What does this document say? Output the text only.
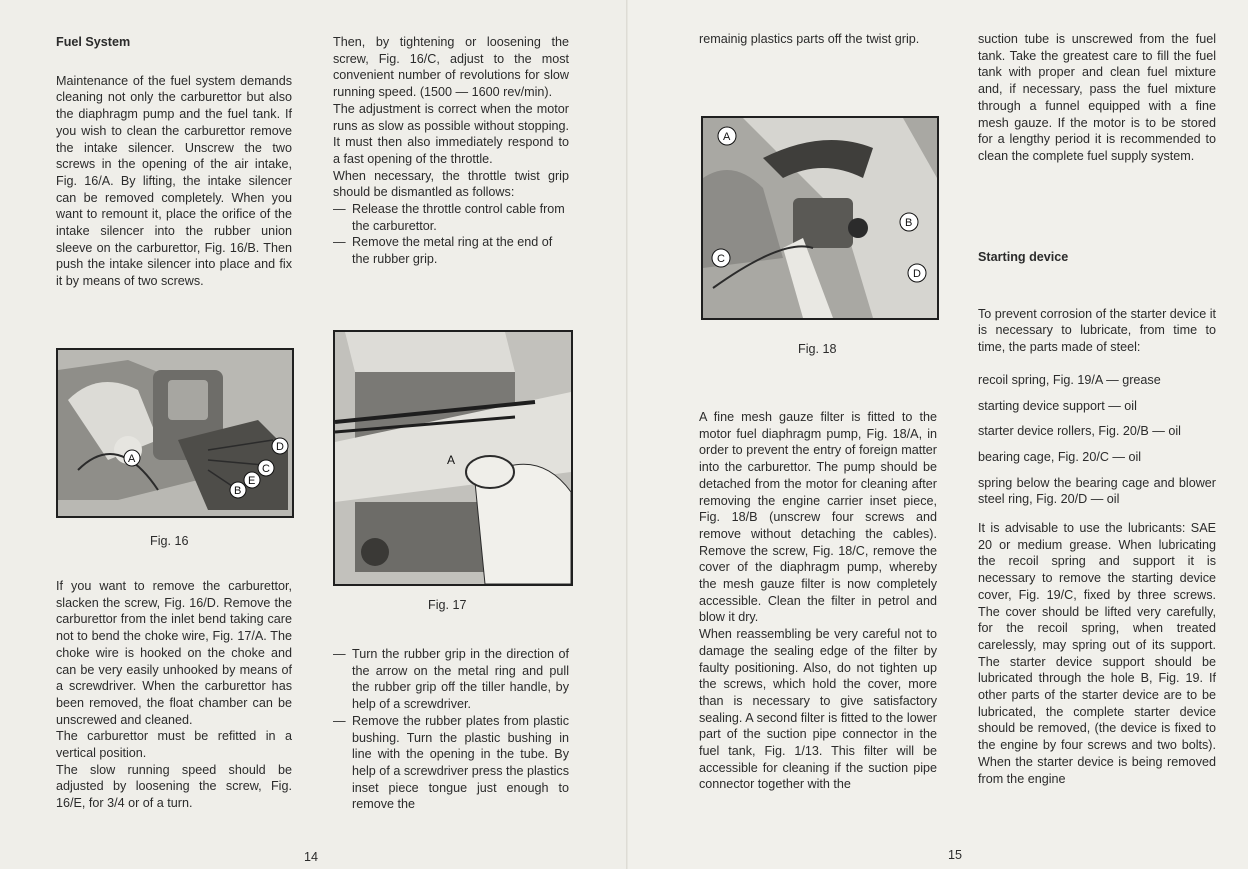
Fuel System

Maintenance of the fuel system demands cleaning not only the carburettor but also the diaphragm pump and the fuel tank. If you wish to clean the carburettor remove the intake silencer. Unscrew the two screws in the opening of the air intake, Fig. 16/A. By lifting, the intake silencer can be removed completely. When you want to remount it, place the orifice of the intake silencer into the rubber union sleeve on the carburettor, Fig. 16/B. Then push the intake silencer into place and fix it by means of two screws.

A
B
C
D
E
Fig. 16

If you want to remove the carburettor, slacken the screw, Fig. 16/D. Remove the carburettor from the inlet bend taking care not to bend the choke wire, Fig. 17/A. The choke wire is hooked on the choke and can be very easily unhooked by means of a screwdriver. When the carburettor has been removed, the float chamber can be unscrewed and cleaned.

The carburettor must be refitted in a vertical position.

The slow running speed should be adjusted by loosening the screw, Fig. 16/E, for 3/4 or of a turn.

Then, by tightening or loosening the screw, Fig. 16/C, adjust to the most convenient number of revolutions for slow running speed. (1500 — 1600 rev/min).

The adjustment is correct when the motor runs as slow as possible without stopping. It must then also immediately respond to a fast opening of the throttle.

When necessary, the throttle twist grip should be dismantled as follows:

— Release the throttle control cable from the carburettor.
— Remove the metal ring at the end of the rubber grip.
A
Fig. 17
— Turn the rubber grip in the direction of the arrow on the metal ring and pull the rubber grip off the tiller handle, by help of a screwdriver.
— Remove the rubber plates from plastic bushing. Turn the plastic bushing in line with the opening in the tube. By help of a screwdriver press the plastics inset piece tongue just enough to remove the
14

remainig plastics parts off the twist grip.

A
B
C
D
Fig. 18

A fine mesh gauze filter is fitted to the motor fuel diaphragm pump, Fig. 18/A, in order to prevent the entry of foreign matter into the carburettor. The pump should be detached from the motor for cleaning after removing the engine carrier inset piece, Fig. 18/B (unscrew four screws and remove without detaching the cables). Remove the screw, Fig. 18/C, remove the cover of the diaphragm pump, whereby the mesh gauze filter is now completely accessible. Clean the filter in petrol and blow it dry.

When reassembling be very careful not to damage the sealing edge of the filter by faulty positioning. Also, do not tighten up the screws, which hold the cover, more than is necessary to give satisfactory sealing. A second filter is fitted to the lower part of the suction pipe connector in the fuel tank, Fig. 1/13. This filter will be accessible for cleaning if the suction pipe connector together with the

suction tube is unscrewed from the fuel tank. Take the greatest care to fill the fuel tank with proper and clean fuel mixture and, if necessary, pass the fuel mixture through a funnel equipped with a fine mesh gauze. If the motor is to be stored for a lengthy period it is recommended to clean the complete fuel supply system.

Starting device

To prevent corrosion of the starter device it is necessary to lubricate, from time to time, the parts made of steel:

recoil spring, Fig. 19/A — grease

starting device support — oil

starter device rollers, Fig. 20/B — oil

bearing cage, Fig. 20/C — oil

spring below the bearing cage and blower steel ring, Fig. 20/D — oil

It is advisable to use the lubricants: SAE 20 or medium grease. When lubricating the recoil spring and support it is necessary to remove the starting device cover, Fig. 19/C, fixed by three screws. The cover should be lifted very carefully, for the recoil spring, when treated carelessly, may spring out of its support. The starter device support should be lubricated through the hole B, Fig. 19. If other parts of the starter device are to be lubricated, the complete starter device should be removed, (the device is fixed to the engine by four screws and two bolts). When the starter device is being removed from the engine

15
